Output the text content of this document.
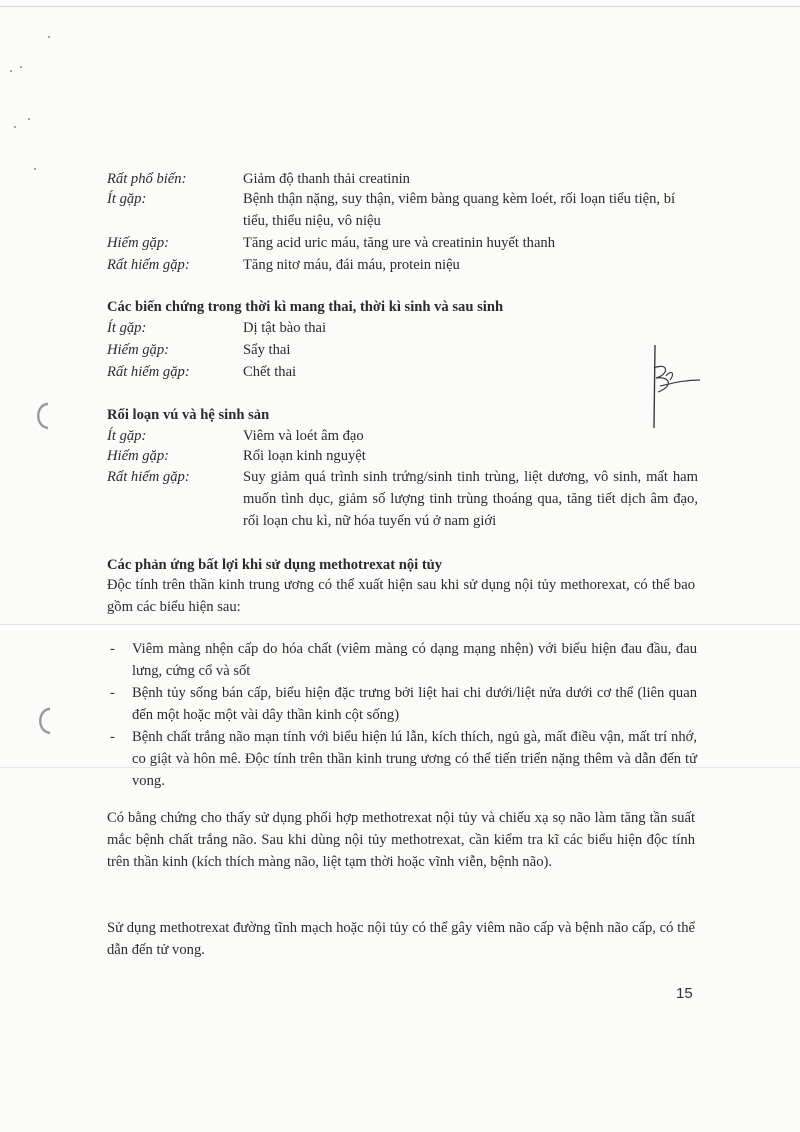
Rất phổ biến:	Giảm độ thanh thải creatinin
Ít gặp:	Bệnh thận nặng, suy thận, viêm bàng quang kèm loét, rối loạn tiểu tiện, bí tiểu, thiểu niệu, vô niệu
Hiếm gặp:	Tăng acid uric máu, tăng ure và creatinin huyết thanh
Rất hiếm gặp:	Tăng nitơ máu, đái máu, protein niệu
Các biến chứng trong thời kì mang thai, thời kì sinh và sau sinh
Ít gặp:	Dị tật bào thai
Hiếm gặp:	Sẩy thai
Rất hiếm gặp:	Chết thai
Rối loạn vú và hệ sinh sản
Ít gặp:	Viêm và loét âm đạo
Hiếm gặp:	Rối loạn kinh nguyệt
Rất hiếm gặp:	Suy giảm quá trình sinh trứng/sinh tinh trùng, liệt dương, vô sinh, mất ham muốn tình dục, giảm số lượng tinh trùng thoáng qua, tăng tiết dịch âm đạo, rối loạn chu kì, nữ hóa tuyến vú ở nam giới
Các phản ứng bất lợi khi sử dụng methotrexat nội tủy
Độc tính trên thần kinh trung ương có thể xuất hiện sau khi sử dụng nội tủy methorexat, có thể bao gồm các biểu hiện sau:
- Viêm màng nhện cấp do hóa chất (viêm màng có dạng mạng nhện) với biểu hiện đau đầu, đau lưng, cứng cổ và sốt
- Bệnh tủy sống bán cấp, biểu hiện đặc trưng bởi liệt hai chi dưới/liệt nửa dưới cơ thể (liên quan đến một hoặc một vài dây thần kinh cột sống)
- Bệnh chất trắng não mạn tính với biểu hiện lú lẫn, kích thích, ngủ gà, mất điều vận, mất trí nhớ, co giật và hôn mê. Độc tính trên thần kinh trung ương có thể tiến triển nặng thêm và dẫn đến tử vong.
Có bằng chứng cho thấy sử dụng phối hợp methotrexat nội tủy và chiếu xạ sọ não làm tăng tần suất mắc bệnh chất trắng não. Sau khi dùng nội tủy methotrexat, cần kiểm tra kĩ các biểu hiện độc tính trên thần kinh (kích thích màng não, liệt tạm thời hoặc vĩnh viễn, bệnh não).
Sử dụng methotrexat đường tĩnh mạch hoặc nội tủy có thể gây viêm não cấp và bệnh não cấp, có thể dẫn đến tử vong.
15
